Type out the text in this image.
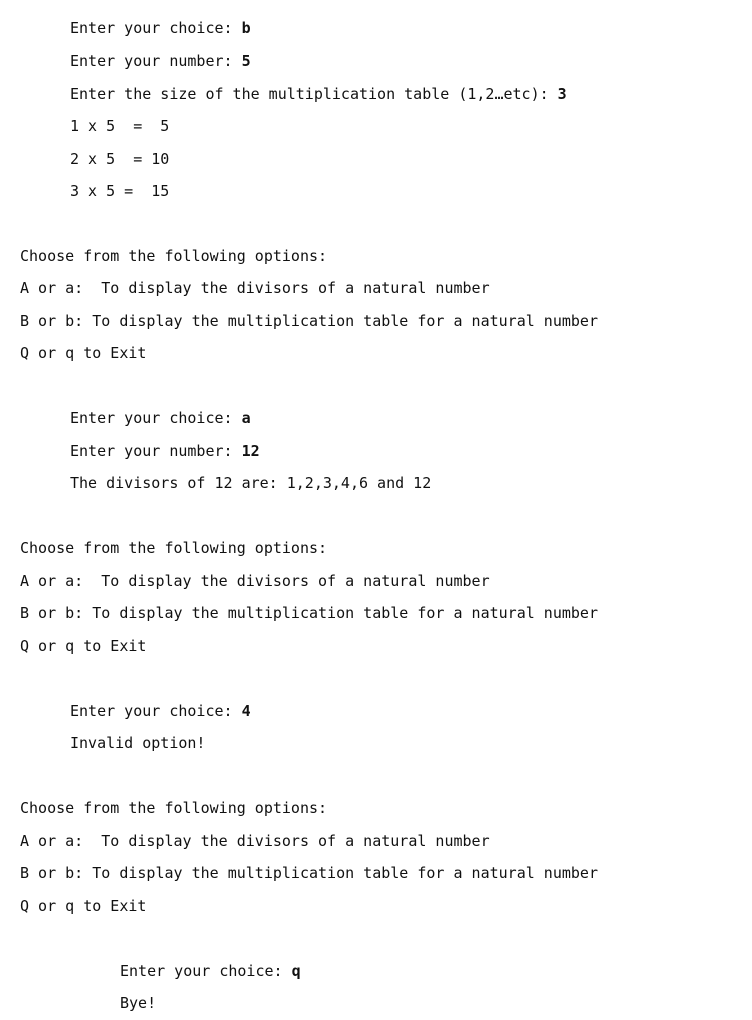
Enter your choice: b
Enter your number: 5
Enter the size of the multiplication table (1,2…etc): 3
1 x 5  =  5
2 x 5  = 10
3 x 5 =  15
Choose from the following options:
A or a:  To display the divisors of a natural number
B or b: To display the multiplication table for a natural number
Q or q to Exit
Enter your choice: a
Enter your number: 12
The divisors of 12 are: 1,2,3,4,6 and 12
Choose from the following options:
A or a:  To display the divisors of a natural number
B or b: To display the multiplication table for a natural number
Q or q to Exit
Enter your choice: 4
Invalid option!
Choose from the following options:
A or a:  To display the divisors of a natural number
B or b: To display the multiplication table for a natural number
Q or q to Exit
Enter your choice: q
Bye!
